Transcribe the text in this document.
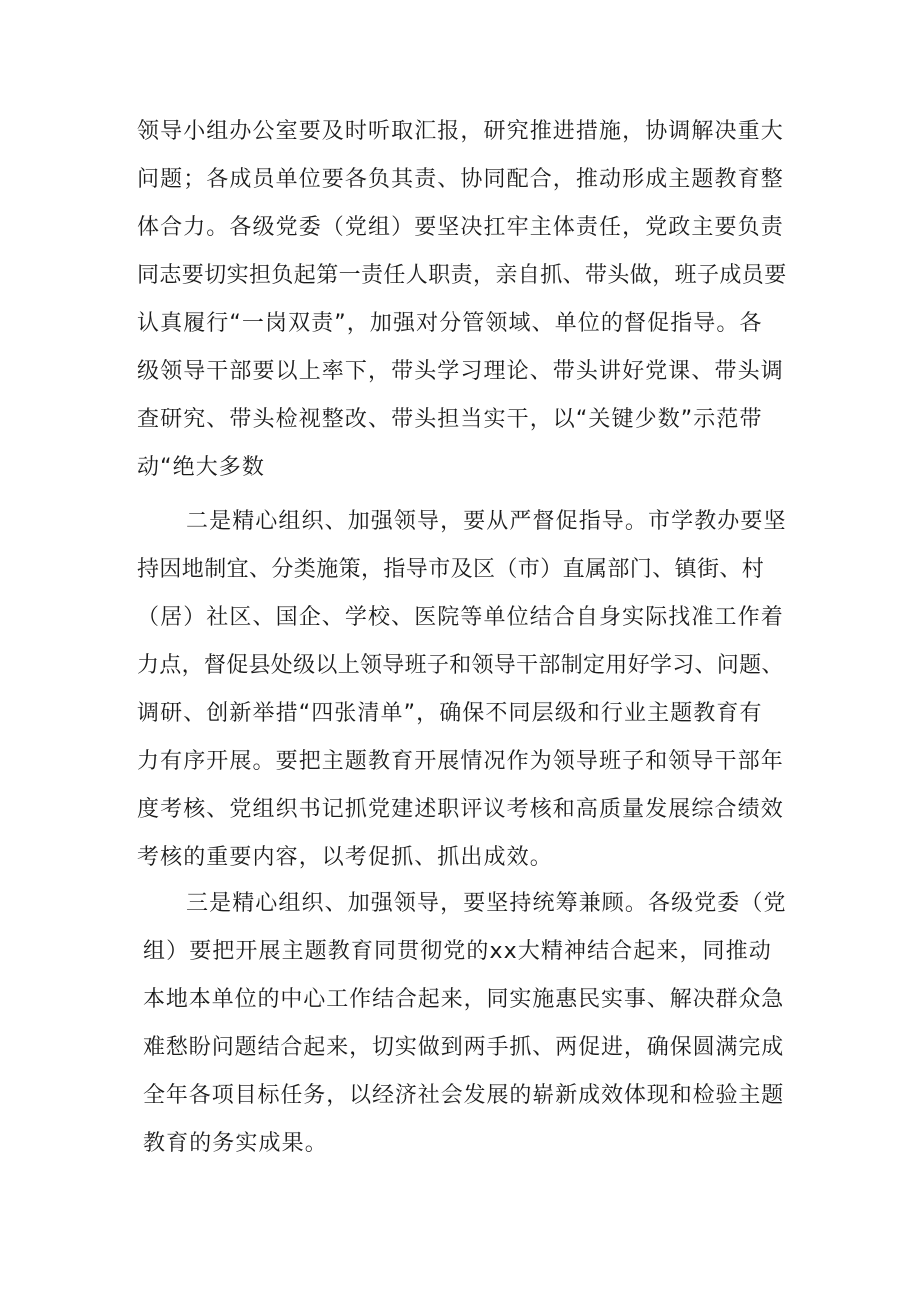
领导小组办公室要及时听取汇报，研究推进措施，协调解决重大

问题；各成员单位要各负其责、协同配合，推动形成主题教育整

体合力。各级党委（党组）要坚决扛牢主体责任，党政主要负责

同志要切实担负起第一责任人职责，亲自抓、带头做，班子成员要

认真履行“一岗双责”，加强对分管领域、单位的督促指导。各

级领导干部要以上率下，带头学习理论、带头讲好党课、带头调

查研究、带头检视整改、带头担当实干，以“关键少数”示范带

动“绝大多数

二是精心组织、加强领导，要从严督促指导。市学教办要坚

持因地制宜、分类施策，指导市及区（市）直属部门、镇街、村

（居）社区、国企、学校、医院等单位结合自身实际找准工作着

力点，督促县处级以上领导班子和领导干部制定用好学习、问题、

调研、创新举措“四张清单”，确保不同层级和行业主题教育有

力有序开展。要把主题教育开展情况作为领导班子和领导干部年

度考核、党组织书记抓党建述职评议考核和高质量发展综合绩效

考核的重要内容，以考促抓、抓出成效。

三是精心组织、加强领导，要坚持统筹兼顾。各级党委（党

组）要把开展主题教育同贯彻党的xx大精神结合起来，同推动

本地本单位的中心工作结合起来，同实施惠民实事、解决群众急

难愁盼问题结合起来，切实做到两手抓、两促进，确保圆满完成

全年各项目标任务，以经济社会发展的崭新成效体现和检验主题

教育的务实成果。
